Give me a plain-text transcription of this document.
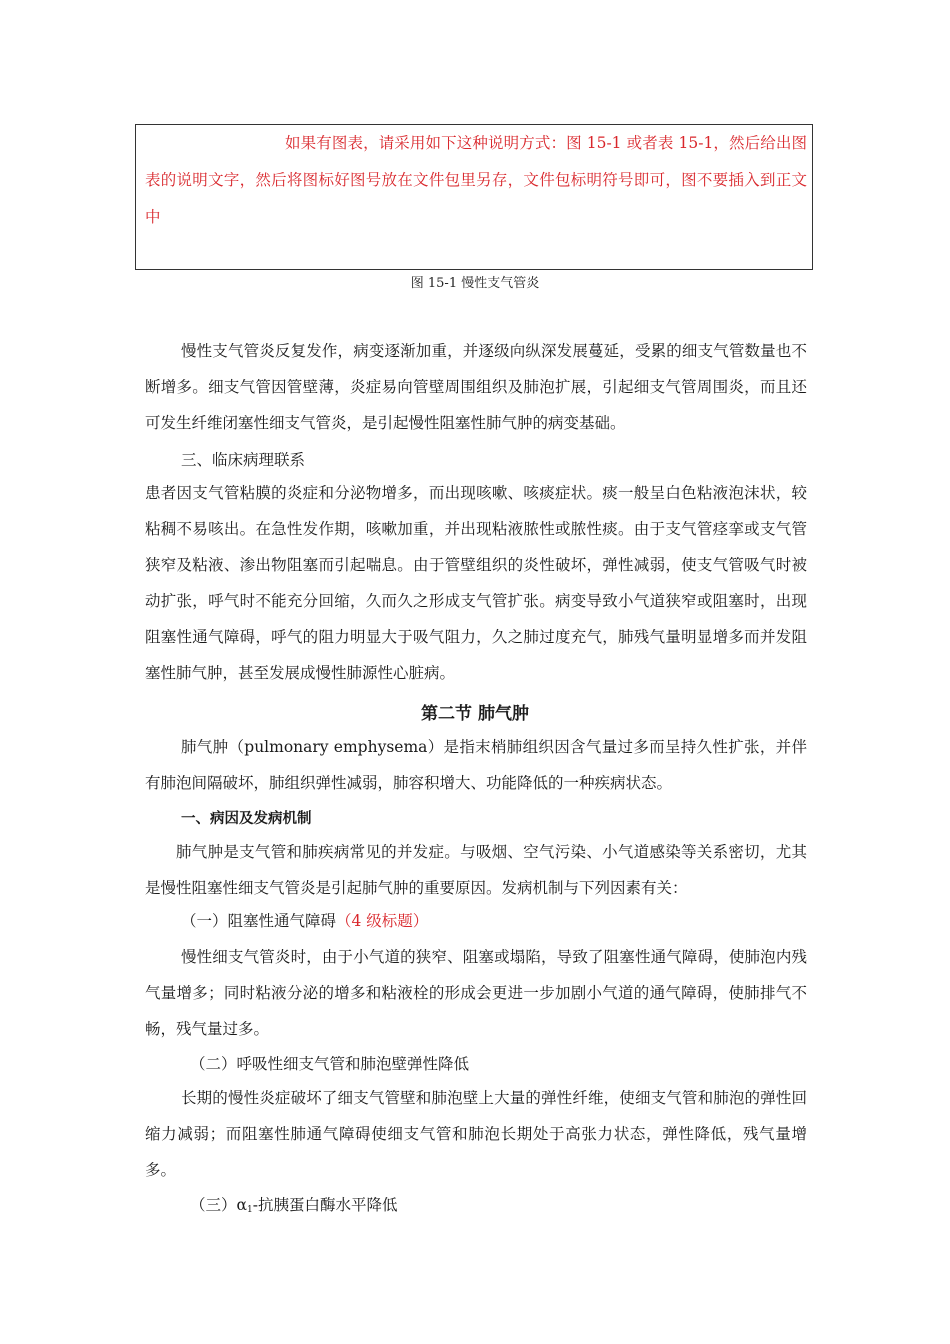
如果有图表，请采用如下这种说明方式：图 15-1 或者表 15-1，然后给出图表的说明文字，然后将图标好图号放在文件包里另存，文件包标明符号即可，图不要插入到正文中
图 15-1 慢性支气管炎

慢性支气管炎反复发作，病变逐渐加重，并逐级向纵深发展蔓延，受累的细支气管数量也不断增多。细支气管因管壁薄，炎症易向管壁周围组织及肺泡扩展，引起细支气管周围炎，而且还可发生纤维闭塞性细支气管炎，是引起慢性阻塞性肺气肿的病变基础。

三、临床病理联系

患者因支气管粘膜的炎症和分泌物增多，而出现咳嗽、咳痰症状。痰一般呈白色粘液泡沫状，较粘稠不易咳出。在急性发作期，咳嗽加重，并出现粘液脓性或脓性痰。由于支气管痉挛或支气管狭窄及粘液、渗出物阻塞而引起喘息。由于管壁组织的炎性破坏，弹性减弱，使支气管吸气时被动扩张，呼气时不能充分回缩，久而久之形成支气管扩张。病变导致小气道狭窄或阻塞时，出现阻塞性通气障碍，呼气的阻力明显大于吸气阻力，久之肺过度充气，肺残气量明显增多而并发阻塞性肺气肿，甚至发展成慢性肺源性心脏病。

第二节 肺气肿

肺气肿（pulmonary emphysema）是指末梢肺组织因含气量过多而呈持久性扩张，并伴有肺泡间隔破坏，肺组织弹性减弱，肺容积增大、功能降低的一种疾病状态。

一、病因及发病机制

肺气肿是支气管和肺疾病常见的并发症。与吸烟、空气污染、小气道感染等关系密切，尤其是慢性阻塞性细支气管炎是引起肺气肿的重要原因。发病机制与下列因素有关：

（一）阻塞性通气障碍（4 级标题）

慢性细支气管炎时，由于小气道的狭窄、阻塞或塌陷，导致了阻塞性通气障碍，使肺泡内残气量增多；同时粘液分泌的增多和粘液栓的形成会更进一步加剧小气道的通气障碍，使肺排气不畅，残气量过多。

（二）呼吸性细支气管和肺泡壁弹性降低

长期的慢性炎症破坏了细支气管壁和肺泡壁上大量的弹性纤维，使细支气管和肺泡的弹性回缩力减弱；而阻塞性肺通气障碍使细支气管和肺泡长期处于高张力状态，弹性降低，残气量增多。

（三）$\alpha_1-$抗胰蛋白酶水平降低
